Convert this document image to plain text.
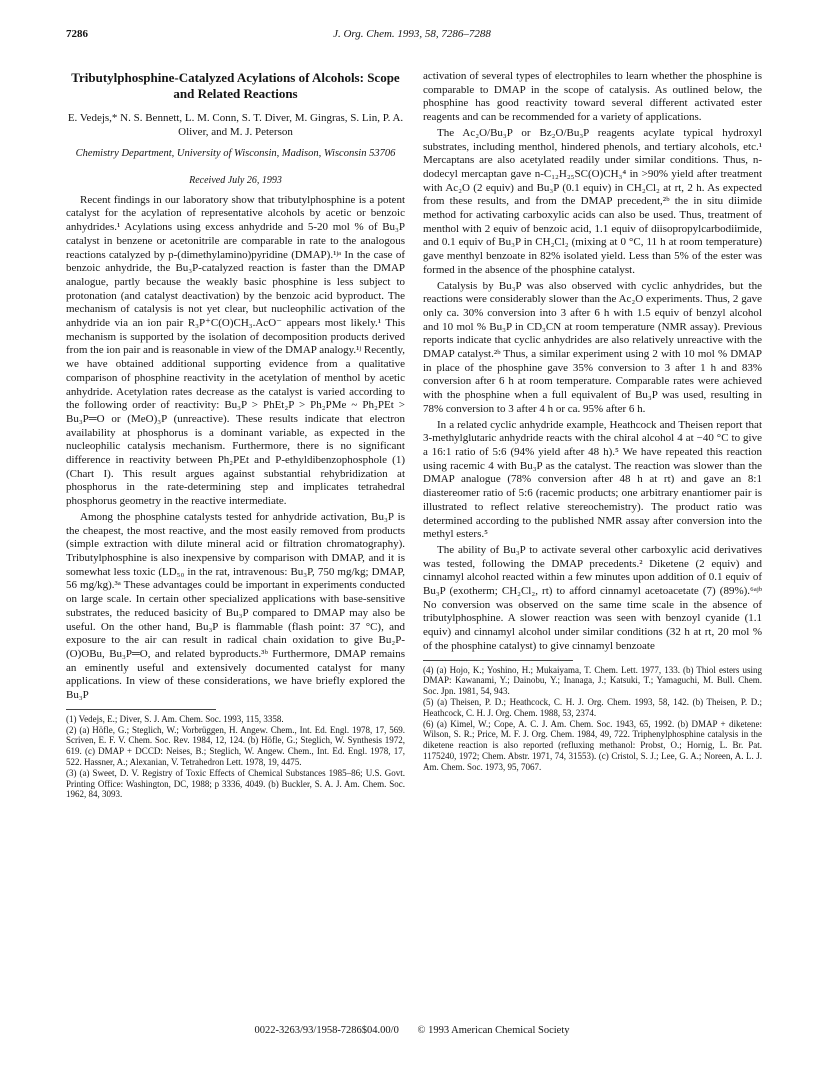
7286	J. Org. Chem. 1993, 58, 7286–7288
Tributylphosphine-Catalyzed Acylations of Alcohols: Scope and Related Reactions
E. Vedejs,* N. S. Bennett, L. M. Conn, S. T. Diver, M. Gingras, S. Lin, P. A. Oliver, and M. J. Peterson
Chemistry Department, University of Wisconsin, Madison, Wisconsin 53706
Received July 26, 1993

Recent findings in our laboratory show that tributylphosphine is a potent catalyst for the acylation of representative alcohols by acetic or benzoic anhydrides.¹ Acylations using excess anhydride and 5-20 mol % of Bu₃P catalyst in benzene or acetonitrile are comparable in rate to the analogous reactions catalyzed by p-(dimethylamino)pyridine (DMAP).¹ʲᵃ In the case of benzoic anhydride, the Bu₃P-catalyzed reaction is faster than the DMAP analogue, partly because the weakly basic phosphine is less subject to protonation (and catalyst deactivation) by the benzoic acid byproduct. The mechanism of catalysis is not yet clear, but nucleophilic activation of the anhydride via an ion pair R₃P⁺C(O)CH₃.AcO⁻ appears most likely.¹ This mechanism is supported by the isolation of decomposition products derived from the ion pair and is reasonable in view of the DMAP analogy.¹ʲ Recently, we have obtained additional supporting evidence from a qualitative comparison of phosphine reactivity in the acetylation of menthol by acetic anhydride. Acetylation rates decrease as the catalyst is varied according to the following order of reactivity: Bu₃P > PhEt₂P > Ph₂PMe ~ Ph₂PEt > Bu₃P═O or (MeO)₃P (unreactive). These results indicate that electron availability at phosphorus is a dominant variable, as expected in the nucleophilic catalysis mechanism. Furthermore, there is no significant difference in reactivity between Ph₂PEt and P-ethyldibenzophosphole (1) (Chart I). This result argues against substantial rehybridization at phosphorus in the rate-determining step and implicates tetrahedral phosphorus geometry in the reactive intermediate.

Among the phosphine catalysts tested for anhydride activation, Bu₃P is the cheapest, the most reactive, and the most easily removed from products (simple extraction with dilute mineral acid or filtration chromatography). Tributylphosphine is also inexpensive by comparison with DMAP, and it is somewhat less toxic (LD₅₀ in the rat, intravenous: Bu₃P, 750 mg/kg; DMAP, 56 mg/kg).³ᵃ These advantages could be important in experiments conducted on large scale. In certain other specialized applications with base-sensitive substrates, the reduced basicity of Bu₃P compared to DMAP may also be useful. On the other hand, Bu₃P is flammable (flash point: 37 °C), and exposure to the air can result in radical chain oxidation to give Bu₂P-(O)OBu, Bu₃P═O, and related byproducts.³ᵇ Furthermore, DMAP remains an eminently useful and extensively documented catalyst for many applications. In view of these considerations, we have briefly explored the Bu₃P

(1) Vedejs, E.; Diver, S. J. Am. Chem. Soc. 1993, 115, 3358.
(2) (a) Höfle, G.; Steglich, W.; Vorbrüggen, H. Angew. Chem., Int. Ed. Engl. 1978, 17, 569. Scriven, E. F. V. Chem. Soc. Rev. 1984, 12, 124. (b) Höfle, G.; Steglich, W. Synthesis 1972, 619. (c) DMAP + DCCD: Neises, B.; Steglich, W. Angew. Chem., Int. Ed. Engl. 1978, 17, 522. Hassner, A.; Alexanian, V. Tetrahedron Lett. 1978, 19, 4475.
(3) (a) Sweet, D. V. Registry of Toxic Effects of Chemical Substances 1985–86; U.S. Govt. Printing Office: Washington, DC, 1988; p 3336, 4049. (b) Buckler, S. A. J. Am. Chem. Soc. 1962, 84, 3093.

activation of several types of electrophiles to learn whether the phosphine is comparable to DMAP in the scope of catalysis. As outlined below, the phosphine has good reactivity toward several different activated ester reagents and can be recommended for a variety of applications.

The Ac₂O/Bu₃P or Bz₂O/Bu₃P reagents acylate typical hydroxyl substrates, including menthol, hindered phenols, and tertiary alcohols, etc.¹ Mercaptans are also acetylated readily under similar conditions. Thus, n-dodecyl mercaptan gave n-C₁₂H₂₅SC(O)CH₃⁴ in >90% yield after treatment with Ac₂O (2 equiv) and Bu₃P (0.1 equiv) in CH₂Cl₂ at rt, 2 h. As expected from these results, and from the DMAP precedent,²ᵇ the in situ diimide method for activating carboxylic acids can also be used. Thus, treatment of menthol with 2 equiv of benzoic acid, 1.1 equiv of diisopropylcarbodiimide, and 0.1 equiv of Bu₃P in CH₂Cl₂ (mixing at 0 °C, 11 h at room temperature) gave menthyl benzoate in 82% isolated yield. Less than 5% of the ester was formed in the absence of the phosphine catalyst.

Catalysis by Bu₃P was also observed with cyclic anhydrides, but the reactions were considerably slower than the Ac₂O experiments. Thus, 2 gave only ca. 30% conversion into 3 after 6 h with 1.5 equiv of benzyl alcohol and 10 mol % Bu₃P in CD₃CN at room temperature (NMR assay). Previous reports indicate that cyclic anhydrides are also relatively unreactive with the DMAP catalyst.²ᵇ Thus, a similar experiment using 2 with 10 mol % DMAP in place of the phosphine gave 35% conversion to 3 after 1 h and 83% conversion after 6 h at room temperature. Comparable rates were achieved with the phosphine when a full equivalent of Bu₃P was used, resulting in 78% conversion to 3 after 4 h or ca. 95% after 6 h.

In a related cyclic anhydride example, Heathcock and Theisen report that 3-methylglutaric anhydride reacts with the chiral alcohol 4 at −40 °C to give a 16:1 ratio of 5:6 (94% yield after 48 h).⁵ We have repeated this reaction using racemic 4 with Bu₃P as the catalyst. The reaction was slower than the DMAP analogue (78% conversion after 48 h at rt) and gave an 8:1 diastereomer ratio of 5:6 (racemic products; one arbitrary enantiomer pair is illustrated to reflect relative stereochemistry). The product ratio was determined according to the published NMR assay after conversion into the methyl esters.⁵

The ability of Bu₃P to activate several other carboxylic acid derivatives was tested, following the DMAP precedents.² Diketene (2 equiv) and cinnamyl alcohol reacted within a few minutes upon addition of 0.1 equiv of Bu₃P (exotherm; CH₂Cl₂, rt) to afford cinnamyl acetoacetate (7) (89%).⁶ᵃʲᵇ No conversion was observed on the same time scale in the absence of tributylphosphine. A slower reaction was seen with benzoyl cyanide (1.1 equiv) and cinnamyl alcohol under similar conditions (32 h at rt, 20 mol % of the phosphine catalyst) to give cinnamyl benzoate

(4) (a) Hojo, K.; Yoshino, H.; Mukaiyama, T. Chem. Lett. 1977, 133. (b) Thiol esters using DMAP: Kawanami, Y.; Dainobu, Y.; Inanaga, J.; Katsuki, T.; Yamaguchi, M. Bull. Chem. Soc. Jpn. 1981, 54, 943.
(5) (a) Theisen, P. D.; Heathcock, C. H. J. Org. Chem. 1993, 58, 142. (b) Theisen, P. D.; Heathcock, C. H. J. Org. Chem. 1988, 53, 2374.
(6) (a) Kimel, W.; Cope, A. C. J. Am. Chem. Soc. 1943, 65, 1992. (b) DMAP + diketene: Wilson, S. R.; Price, M. F. J. Org. Chem. 1984, 49, 722. Triphenylphosphine catalysis in the diketene reaction is also reported (refluxing methanol: Probst, O.; Hornig, L. Br. Pat. 1175240, 1972; Chem. Abstr. 1971, 74, 31553). (c) Cristol, S. J.; Lee, G. A.; Noreen, A. L. J. Am. Chem. Soc. 1973, 95, 7067.
0022-3263/93/1958-7286$04.00/0 © 1993 American Chemical Society
